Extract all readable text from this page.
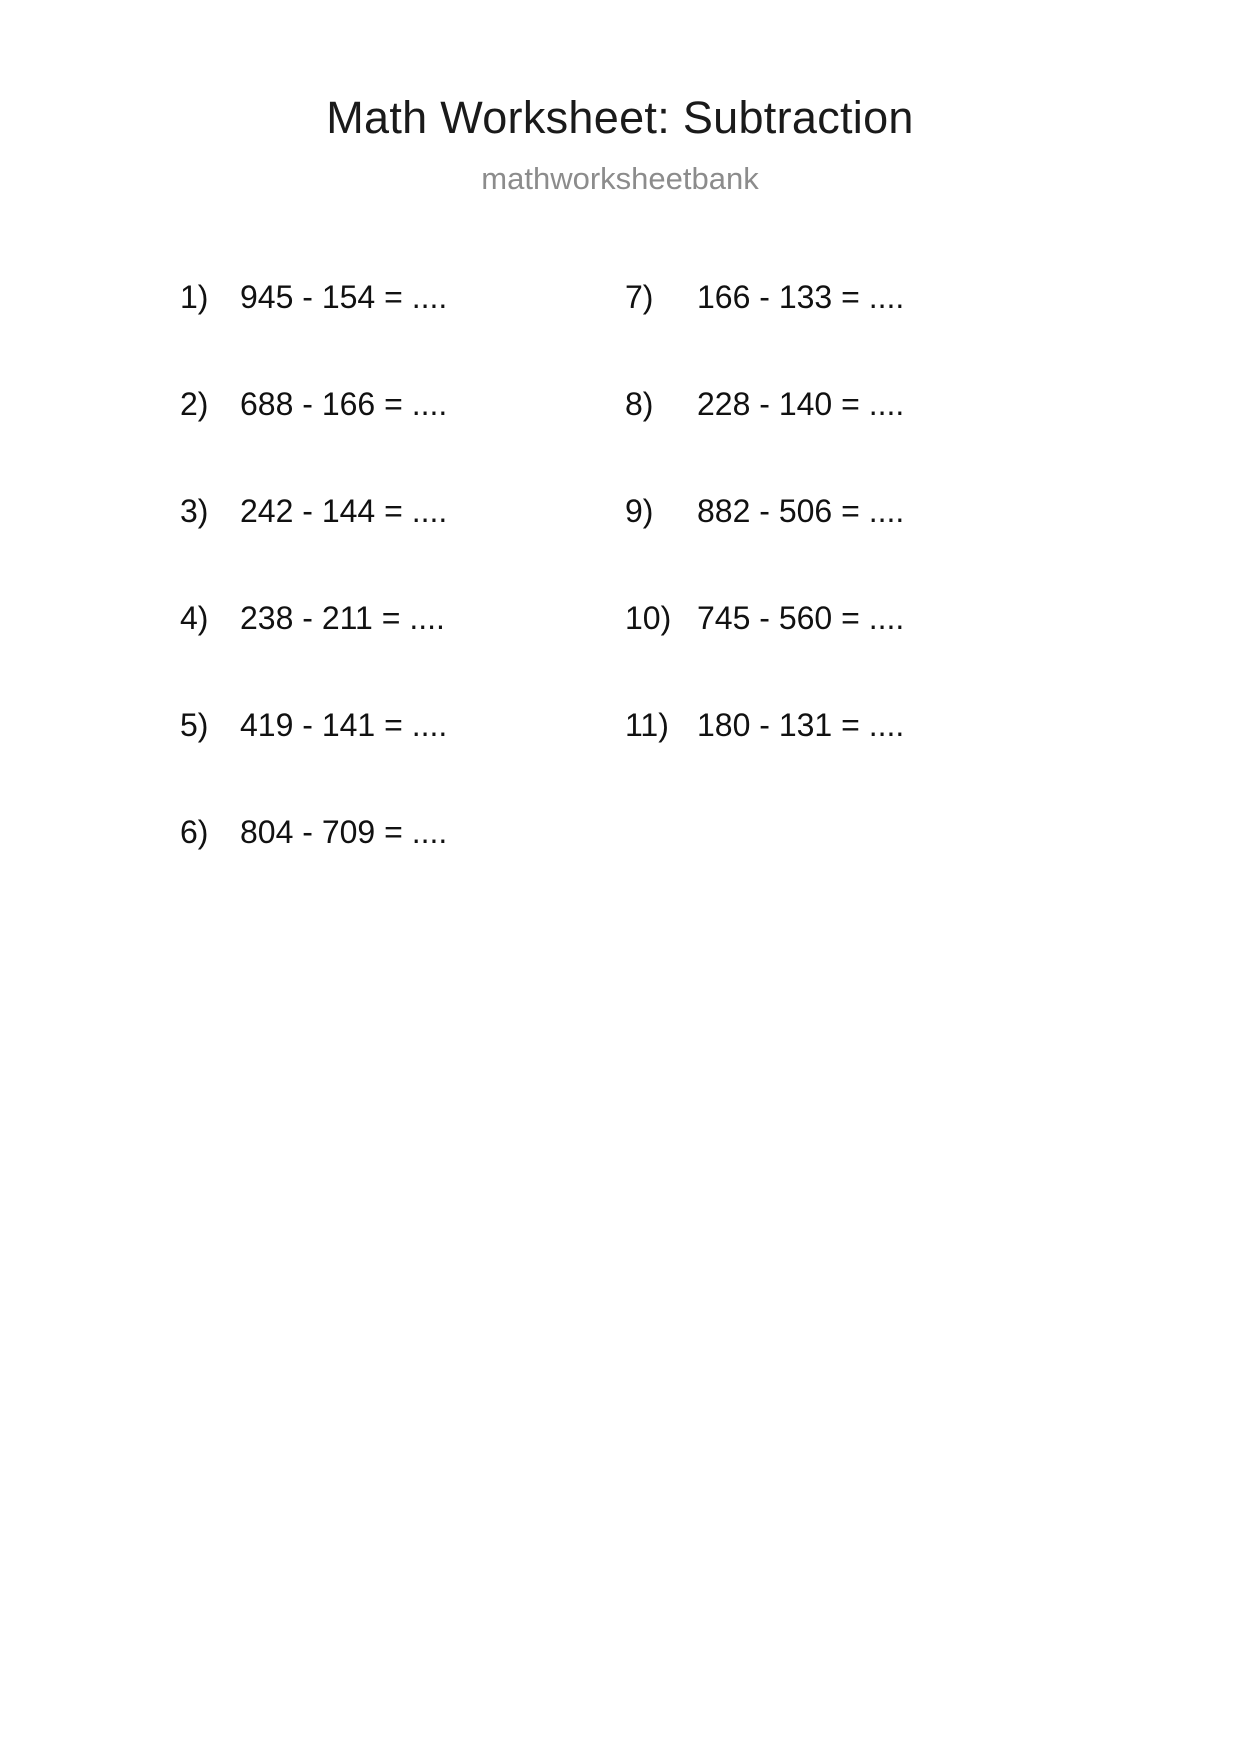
Math Worksheet: Subtraction
mathworksheetbank
1) 945 - 154 = ....
2) 688 - 166 = ....
3) 242 - 144 = ....
4) 238 - 211 = ....
5) 419 - 141 = ....
6) 804 - 709 = ....
7)	166 - 133 = ....
8)	228 - 140 = ....
9)	882 - 506 = ....
10) 745 - 560 = ....
11) 180 - 131 = ....
